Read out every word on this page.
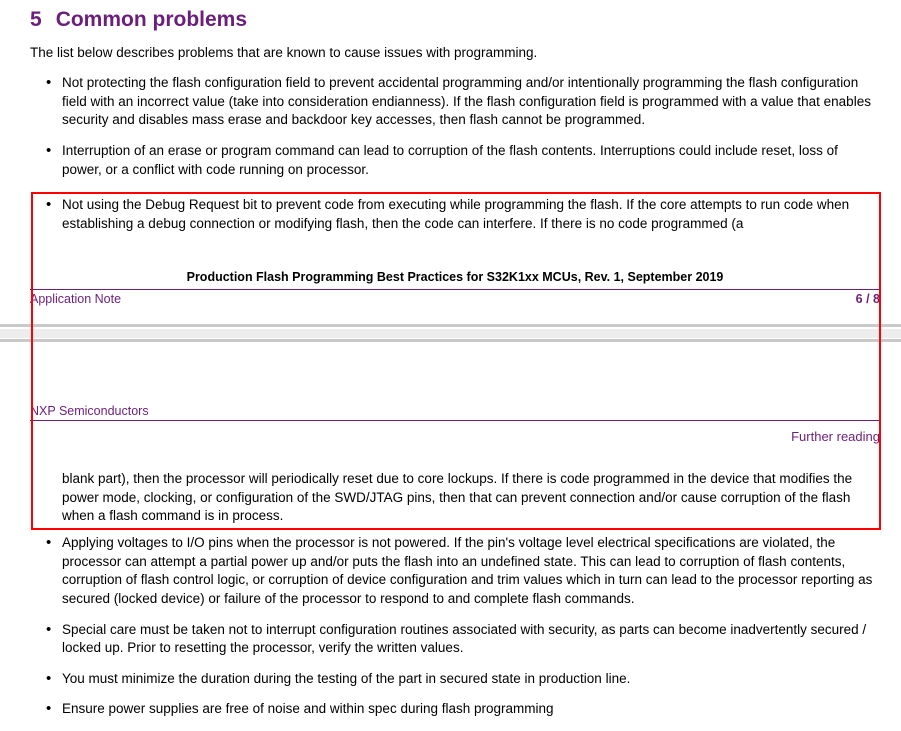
5 Common problems
The list below describes problems that are known to cause issues with programming.
• Not protecting the flash configuration field to prevent accidental programming and/or intentionally programming the flash configuration field with an incorrect value (take into consideration endianness). If the flash configuration field is programmed with a value that enables security and disables mass erase and backdoor key accesses, then flash cannot be programmed.
• Interruption of an erase or program command can lead to corruption of the flash contents. Interruptions could include reset, loss of power, or a conflict with code running on processor.
• Not using the Debug Request bit to prevent code from executing while programming the flash. If the core attempts to run code when establishing a debug connection or modifying flash, then the code can interfere. If there is no code programmed (a
Production Flash Programming Best Practices for S32K1xx MCUs, Rev. 1, September 2019
Application Note	6 / 8
NXP Semiconductors
Further reading
blank part), then the processor will periodically reset due to core lockups. If there is code programmed in the device that modifies the power mode, clocking, or configuration of the SWD/JTAG pins, then that can prevent connection and/or cause corruption of the flash when a flash command is in process.
• Applying voltages to I/O pins when the processor is not powered. If the pin's voltage level electrical specifications are violated, the processor can attempt a partial power up and/or puts the flash into an undefined state. This can lead to corruption of flash contents, corruption of flash control logic, or corruption of device configuration and trim values which in turn can lead to the processor reporting as secured (locked device) or failure of the processor to respond to and complete flash commands.
• Special care must be taken not to interrupt configuration routines associated with security, as parts can become inadvertently secured / locked up. Prior to resetting the processor, verify the written values.
• You must minimize the duration during the testing of the part in secured state in production line.
• Ensure power supplies are free of noise and within spec during flash programming
